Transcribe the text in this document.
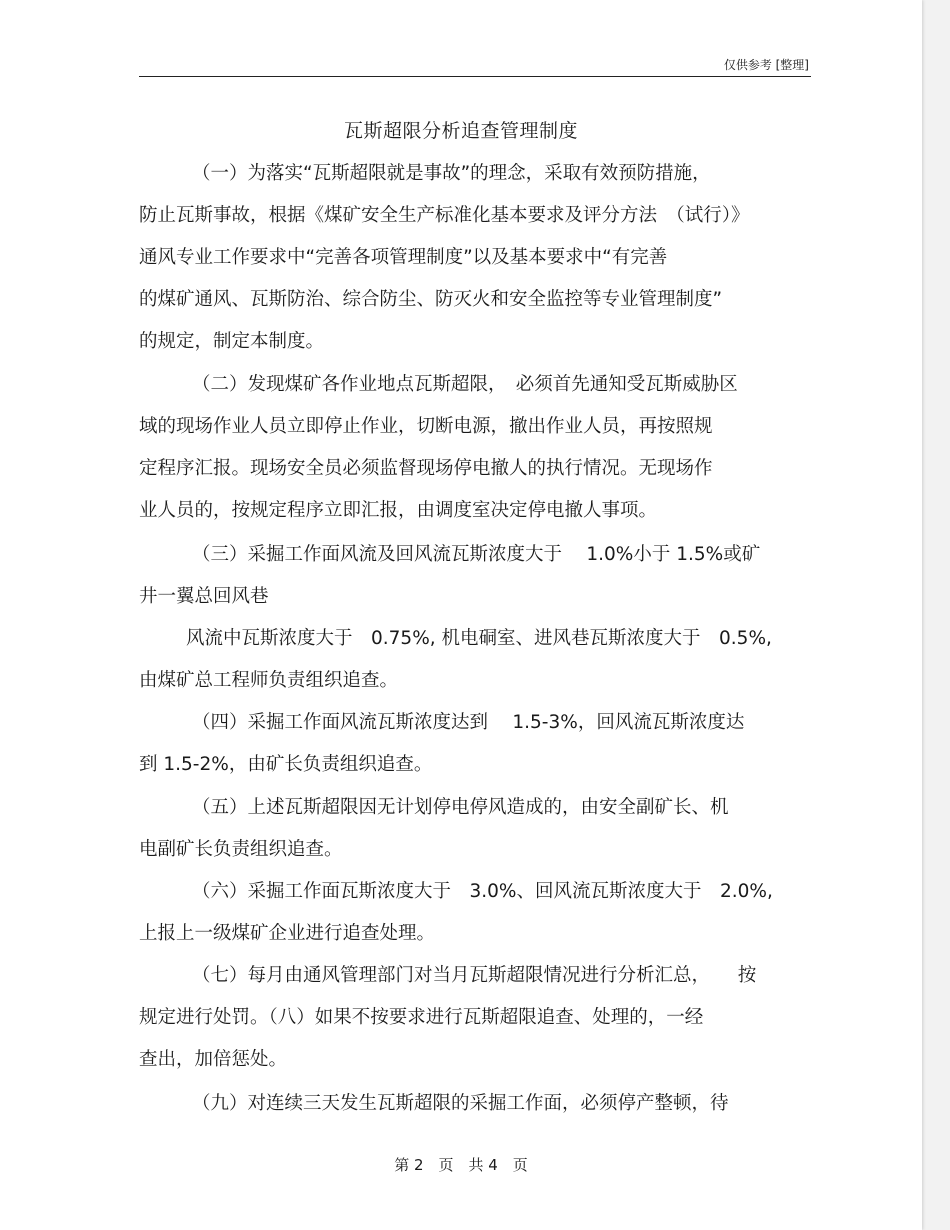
仅供参考 [整理]
瓦斯超限分析追查管理制度
（一）为落实“瓦斯超限就是事故”的理念，采取有效预防措施，
防止瓦斯事故，根据《煤矿安全生产标准化基本要求及评分方法　（试行）》
通风专业工作要求中“完善各项管理制度”以及基本要求中“有完善
的煤矿通风、瓦斯防治、综合防尘、防灭火和安全监控等专业管理制度”
的规定，制定本制度。
（二）发现煤矿各作业地点瓦斯超限，　必须首先通知受瓦斯威胁区
域的现场作业人员立即停止作业，切断电源，撤出作业人员，再按照规
定程序汇报。现场安全员必须监督现场停电撤人的执行情况。无现场作
业人员的，按规定程序立即汇报，由调度室决定停电撤人事项。
（三）采掘工作面风流及回风流瓦斯浓度大于　 1.0%小于 1.5%或矿
井一翼总回风巷
风流中瓦斯浓度大于　0.75%, 机电硐室、进风巷瓦斯浓度大于　0.5%,
由煤矿总工程师负责组织追查。
（四）采掘工作面风流瓦斯浓度达到　 1.5-3%，回风流瓦斯浓度达
到 1.5-2%，由矿长负责组织追查。
（五）上述瓦斯超限因无计划停电停风造成的，由安全副矿长、机
电副矿长负责组织追查。
（六）采掘工作面瓦斯浓度大于　3.0%、回风流瓦斯浓度大于　2.0%,
上报上一级煤矿企业进行追查处理。
（七）每月由通风管理部门对当月瓦斯超限情况进行分析汇总，　　按
规定进行处罚。（八）如果不按要求进行瓦斯超限追查、处理的，一经
查出，加倍惩处。
（九）对连续三天发生瓦斯超限的采掘工作面，必须停产整顿，待
第 2　页　共 4　页
